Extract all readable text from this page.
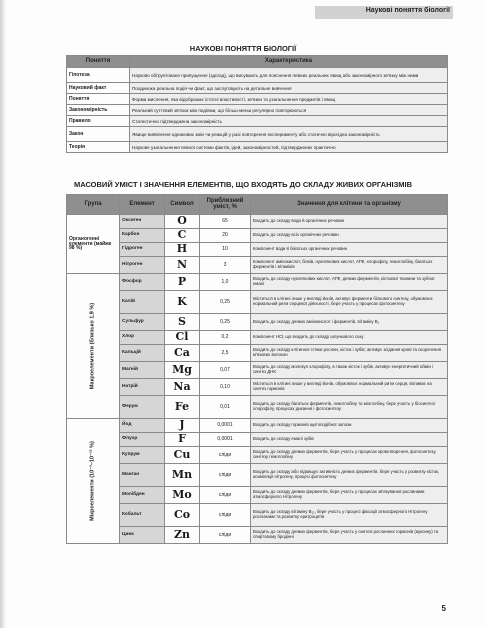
Наукові поняття біології
НАУКОВІ ПОНЯТТЯ БІОЛОГІЇ
Поняття	Характеристика
Гіпотеза	Науково обґрунтоване припущення (здогад), що висувають для пояснення певних реальних явищ або закономірного зв'язку між ними
Науковий факт	Поодинока реальна подія чи факт, що заслуговують на детальне вивчення
Поняття	Форма мислення, яка відображає істотні властивості, зв'язки та узагальнення предметів і явищ
Закономірність	Реальний суттєвий зв'язок між подіями, що більш-менш регулярно повторюються
Правило	Статистично підтверджена закономірність
Закон	Явище виявлення однакових змін чи реакцій у разі повторення експерименту або статично вірогідна закономірність
Теорія	Наукове узагальнення певної системи фактів, ідей, закономірностей, підтверджених практично
МАСОВИЙ УМІСТ І ЗНАЧЕННЯ ЕЛЕМЕНТІВ, ЩО ВХОДЯТЬ ДО СКЛАДУ ЖИВИХ ОРГАНІЗМІВ
Група	Елемент	Символ	Приблизний уміст, %	Значення для клітини та організму
Органогенні елементи (майже 98 %)	Оксиген	O	65	Входить до складу води й органічних речовин
	Карбон	C	20	Входить до складу всіх органічних речовин
	Гідроген	H	10	Компонент води й багатьох органічних речовин
	Нітроген	N	3	Компонент амінокислот, білків, нуклеїнових кислот, АТФ, хлорофілу, гемоглобіну, багатьох ферментів і вітамінів

Макроелементи (близько 1,9 %)	Фосфор	P	1,0	Входить до складу нуклеїнових кислот, АТФ, деяких ферментів, кісткової тканини та зубної емалі
	Калій	K	0,25	Міститься в клітині лише у вигляді йонів, активує ферменти білкового синтезу, обумовлює нормальний ритм серцевої діяльності, бере участь у процесах фотосинтезу
	Сульфур	S	0,25	Входить до складу деяких амінокислот і ферментів, вітаміну B₁
	Хлор	Cl	0,2	Компонент HCl, що входить до складу шлункового соку
	Кальцій	Ca	2,5	Входить до складу клітинної стінки рослин, кісток і зубів; активує зсідання крові та скорочення м'язових волокон
	Магній	Mg	0,07	Входить до складу молекул хлорофілу, а також кісток і зубів, активує енергетичний обмін і синтез ДНК
	Натрій	Na	0,10	Міститься в клітині лише у вигляді йонів, обумовлює нормальний ритм серця, впливає на синтез гормонів
	Ферум	Fe	0,01	Входить до складу багатьох ферментів, гемоглобіну та міоглобіну, бере участь у біосинтезі хлорофілу, процесах дихання і фотосинтезу

Мікроелементи (10⁻³–10⁻¹² %)	Йод	J	0,0001	Входить до складу гормонів щитоподібної залози
	Флуор	F	0,0001	Входить до складу емалі зубів
	Купрум	Cu	сліди	Входить до складу деяких ферментів, бере участь у процесах кровотворення, фотосинтезу, синтезу гемоглобіну
	Манган	Mn	сліди	Входить до складу або підвищує активність деяких ферментів, бере участь у розвитку кісток, асиміляції нітрогену, процесі фотосинтезу
	Молібден	Mo	сліди	Входить до складу деяких ферментів, бере участь у процесах зв'язування рослинами атмосферного Нітрогену
	Кобальт	Co	сліди	Входить до складу вітаміну B₁₂, бере участь у процесі фіксації атмосферного Нітрогену рослинами та розвитку еритроцитів
	Цинк	Zn	сліди	Входить до складу деяких ферментів, бере участь у синтезі рослинних гормонів (ауксину) та спиртовому бродінні
5
